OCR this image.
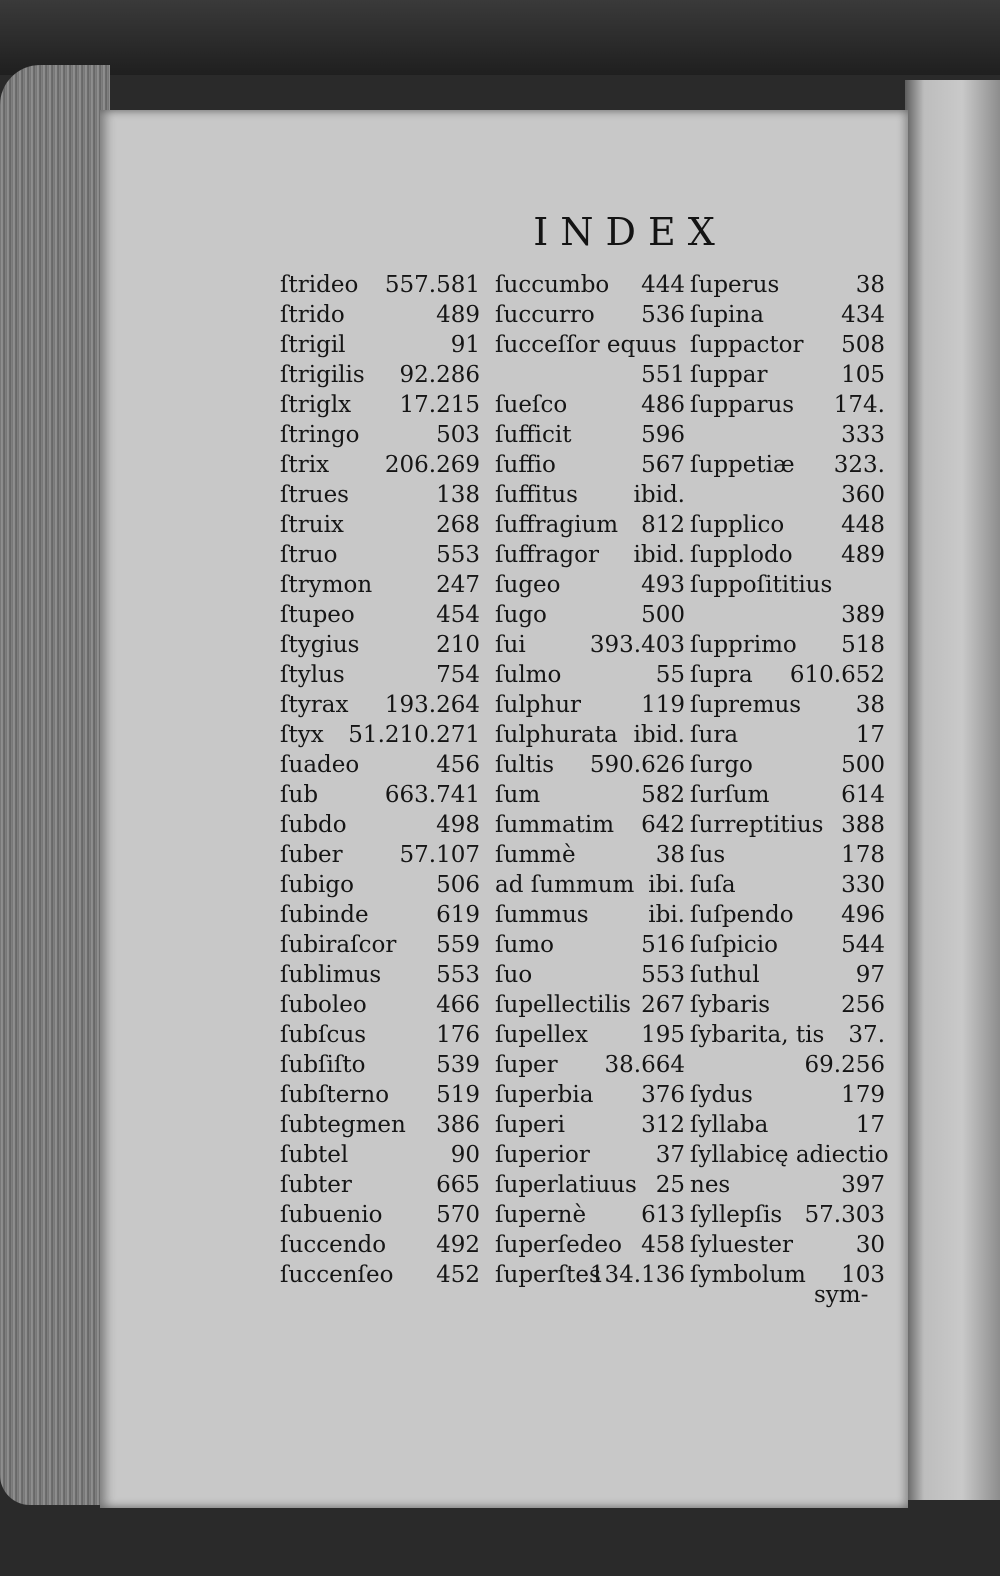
INDEX
ſtrideo 557.581
ſtrido	489
ſtrigil	91
ſtrigilis 92.286
ſtriglx 17.215
ſtringo	503
ſtrix 206.269
ſtrues	138
ſtruix	268
ſtruo	553
ſtrymon	247
ſtupeo	454
ſtygius	210
ſtylus	754
ſtyrax 193.264
ſtyx 51.210.271
ſuadeo	456
ſub	663.741
ſubdo	498
ſuber 57.107
ſubigo	506
ſubinde	619
ſubiraſcor 559
ſublimus 553
ſuboleo	466
ſubſcus	176
ſubſiſto	539
ſubſterno 519
ſubtegmen 386
ſubtel	90
ſubter	665
ſubuenio 570
ſuccendo 492
ſuccenſeo 452
ſuccumbo 444
ſuccurro 536
ſucceſſor equus
551
ſueſco	486
ſufficit	596
ſuffio	567
ſuffitus ibid.
ſuffragium 812
ſuffragor ibid.
ſugeo	493
ſugo	500
ſui	393.403
ſulmo	55
ſulphur	119
ſulphurata ibid.
ſultis 590.626
ſum	582
ſummatim 642
ſummè	38
ad ſummum ibi.
ſummus	ibi.
ſumo	516
ſuo	553
ſupellectilis 267
ſupellex 195
ſuper 38.664
ſuperbia 376
ſuperi	312
ſuperior	37
ſuperlatiuus 25
ſupernè 613
ſuperſedeo 458
ſuperſtes
134.136
ſuperus	38
ſupina	434
ſuppactor 508
ſuppar	105
ſupparus 174.
333
ſuppetiæ 323.
360
ſupplico 448
ſupplodo 489
ſuppoſititius
389
ſupprimo 518
ſupra 610.652
ſupremus 38
ſura	17
ſurgo	500
ſurſum	614
ſurreptitius 388
ſus	178
ſuſa	330
ſuſpendo 496
ſuſpicio	544
ſuthul	97
ſybaris	256
ſybarita, tis 37.
69.256
ſydus	179
ſyllaba	17
ſyllabicę adiectio
nes	397
ſyllepſis 57.303
ſyluester	30
ſymbolum 103
sym-
